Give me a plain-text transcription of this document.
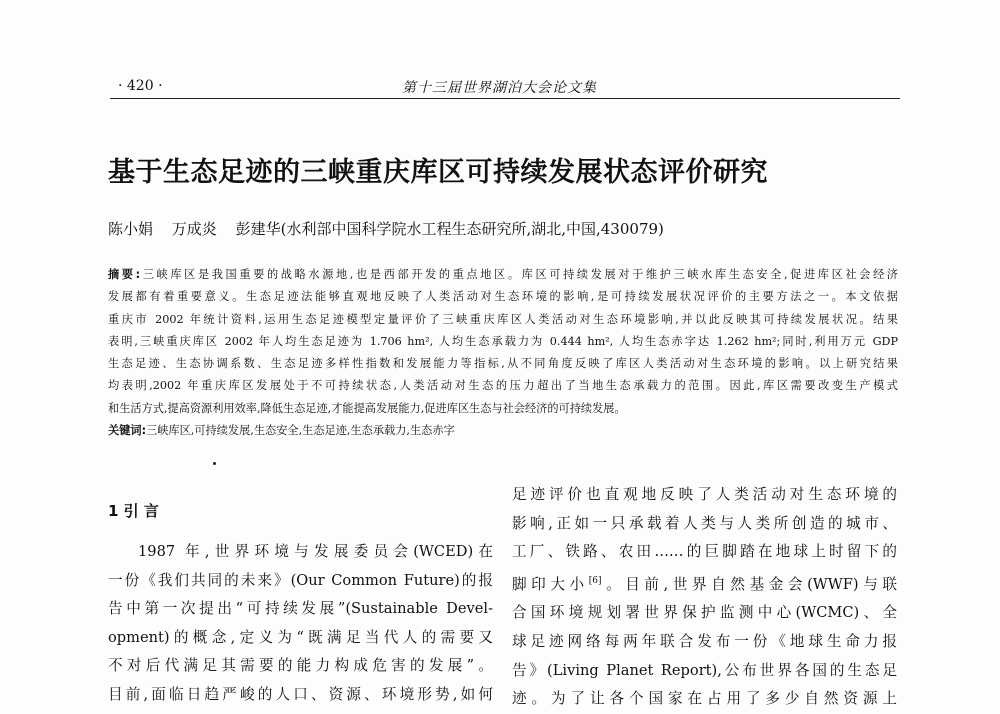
· 420 ·	第十三届世界湖泊大会论文集
基于生态足迹的三峡重庆库区可持续发展状态评价研究
陈小娟 万成炎 彭建华(水利部中国科学院水工程生态研究所,湖北,中国,430079)
摘要:三峡库区是我国重要的战略水源地,也是西部开发的重点地区。库区可持续发展对于维护三峡水库生态安全,促进库区社会经济
发展都有着重要意义。生态足迹法能够直观地反映了人类活动对生态环境的影响,是可持续发展状况评价的主要方法之一。本文依据
重庆市 2002 年统计资料,运用生态足迹模型定量评价了三峡重庆库区人类活动对生态环境影响,并以此反映其可持续发展状况。结果
表明,三峡重庆库区 2002 年人均生态足迹为 1.706 hm², 人均生态承载力为 0.444 hm², 人均生态赤字达 1.262 hm²;同时,利用万元 GDP
生态足迹、生态协调系数、生态足迹多样性指数和发展能力等指标,从不同角度反映了库区人类活动对生态环境的影响。以上研究结果
均表明,2002 年重庆库区发展处于不可持续状态,人类活动对生态的压力超出了当地生态承载力的范围。因此,库区需要改变生产模式
和生活方式,提高资源利用效率,降低生态足迹,才能提高发展能力,促进库区生态与社会经济的可持续发展。
关键词:三峡库区,可持续发展,生态安全,生态足迹,生态承载力,生态赤字
1 引 言
1987 年,世界环境与发展委员会(WCED)在
一份《我们共同的未来》(Our Common Future)的报
告中第一次提出“可持续发展”(Sustainable Devel-
opment)的概念,定义为“既满足当代人的需要又
不对后代满足其需要的能力构成危害的发展”。
目前,面临日趋严峻的人口、资源、环境形势,如何
足迹评价也直观地反映了人类活动对生态环境的
影响,正如一只承载着人类与人类所创造的城市、
工厂、铁路、农田……的巨脚踏在地球上时留下的
脚印大小[6]。目前,世界自然基金会(WWF)与联
合国环境规划署世界保护监测中心(WCMC)、全
球足迹网络每两年联合发布一份《地球生命力报
告》(Living Planet Report),公布世界各国的生态足
迹。为了让各个国家在占用了多少自然资源上
